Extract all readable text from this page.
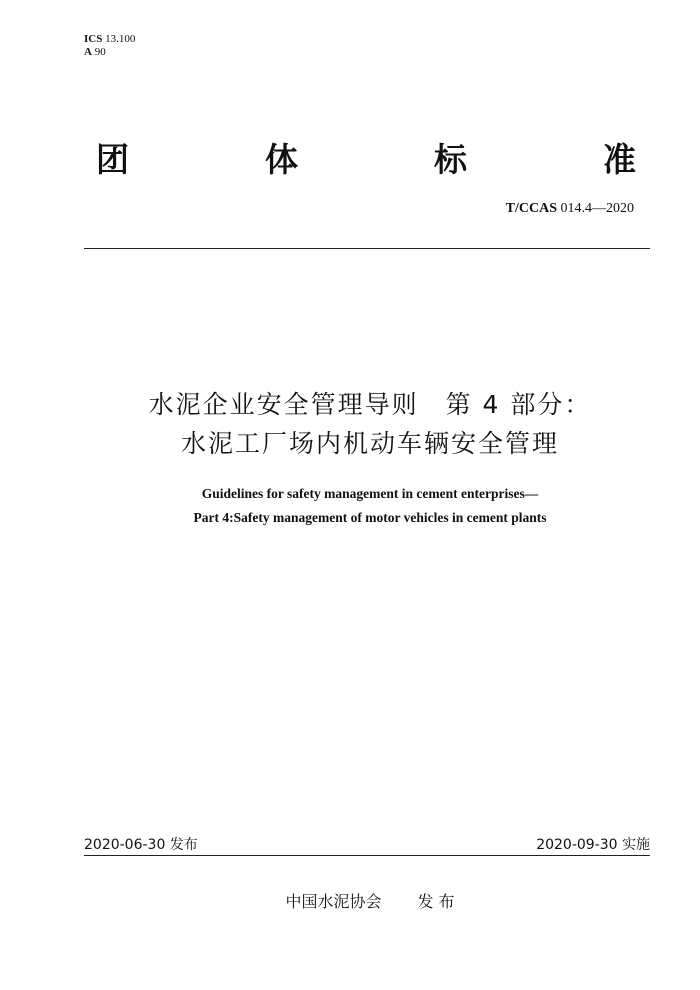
ICS 13.100
A 90
团	体	标	准
T/CCAS 014.4—2020
水泥企业安全管理导则　第 4 部分：
水泥工厂场内机动车辆安全管理
Guidelines for safety management in cement enterprises—
Part 4:Safety management of motor vehicles in cement plants
2020-06-30 发布	2020-09-30 实施
中国水泥协会 发 布
